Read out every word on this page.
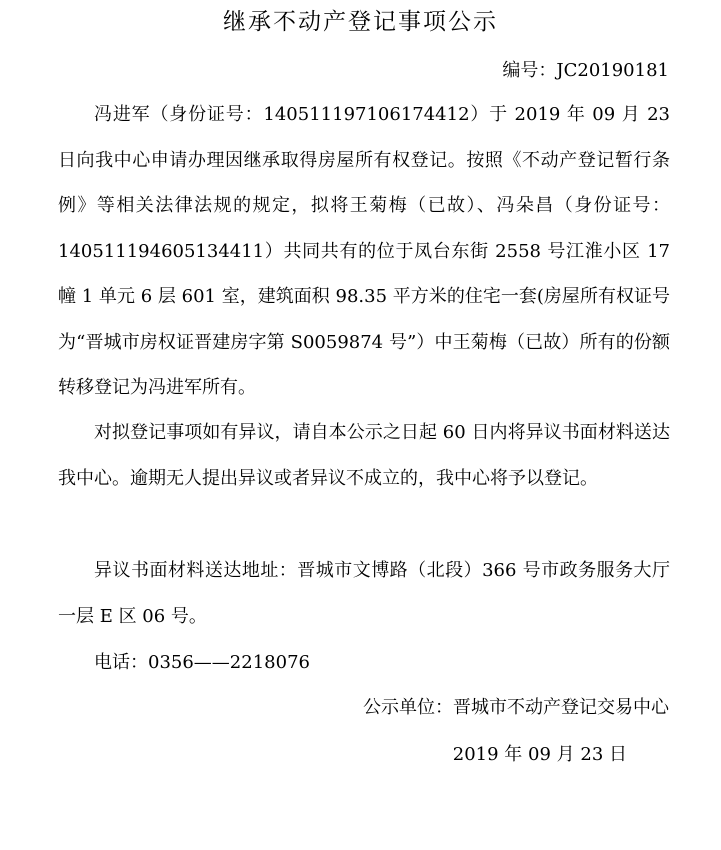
继承不动产登记事项公示
编号：JC20190181

冯进军（身份证号：140511197106174412）于 2019 年 09 月 23 日向我中心申请办理因继承取得房屋所有权登记。按照《不动产登记暂行条例》等相关法律法规的规定，拟将王菊梅（已故）、冯朵昌（身份证号：140511194605134411）共同共有的位于凤台东街 2558 号江淮小区 17 幢 1 单元 6 层 601 室，建筑面积 98.35 平方米的住宅一套(房屋所有权证号为“晋城市房权证晋建房字第 S0059874 号”）中王菊梅（已故）所有的份额转移登记为冯进军所有。

对拟登记事项如有异议，请自本公示之日起 60 日内将异议书面材料送达我中心。逾期无人提出异议或者异议不成立的，我中心将予以登记。

异议书面材料送达地址：晋城市文博路（北段）366 号市政务服务大厅一层 E 区 06 号。

电话：0356——2218076

公示单位：晋城市不动产登记交易中心
2019 年 09 月 23 日
